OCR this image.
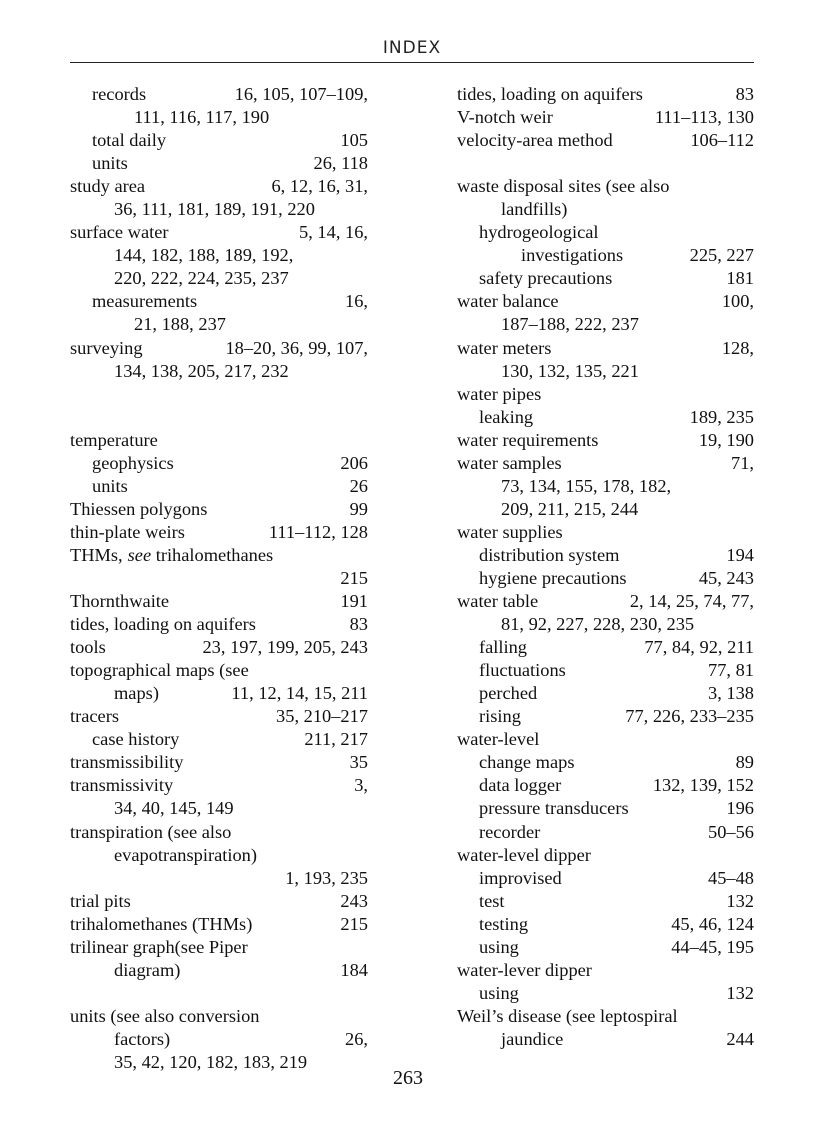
INDEX
records	16, 105, 107–109,
111, 116, 117, 190
total daily	105
units	26, 118
study area	6, 12, 16, 31,
36, 111, 181, 189, 191, 220
surface water	5, 14, 16,
144, 182, 188, 189, 192,
220, 222, 224, 235, 237
measurements	16,
21, 188, 237
surveying	18–20, 36, 99, 107,
134, 138, 205, 217, 232
temperature
geophysics	206
units	26
Thiessen polygons	99
thin-plate weirs	111–112, 128
THMs, see trihalomethanes
215
Thornthwaite	191
tides, loading on aquifers	83
tools	23, 197, 199, 205, 243
topographical maps (see
maps)	11, 12, 14, 15, 211
tracers	35, 210–217
case history	211, 217
transmissibility	35
transmissivity	3,
34, 40, 145, 149
transpiration (see also
evapotranspiration)
1, 193, 235
trial pits	243
trihalomethanes (THMs)	215
trilinear graph(see Piper
diagram)	184
units (see also conversion
factors)	26,
35, 42, 120, 182, 183, 219
tides, loading on aquifers	83
V-notch weir	111–113, 130
velocity-area method	106–112
waste disposal sites (see also
landfills)
hydrogeological
investigations	225, 227
safety precautions	181
water balance	100,
187–188, 222, 237
water meters	128,
130, 132, 135, 221
water pipes
leaking	189, 235
water requirements	19, 190
water samples	71,
73, 134, 155, 178, 182,
209, 211, 215, 244
water supplies
distribution system	194
hygiene precautions	45, 243
water table	2, 14, 25, 74, 77,
81, 92, 227, 228, 230, 235
falling	77, 84, 92, 211
fluctuations	77, 81
perched	3, 138
rising	77, 226, 233–235
water-level
change maps	89
data logger	132, 139, 152
pressure transducers	196
recorder	50–56
water-level dipper
improvised	45–48
test	132
testing	45, 46, 124
using	44–45, 195
water-lever dipper
using	132
Weil’s disease (see leptospiral
jaundice	244
263
